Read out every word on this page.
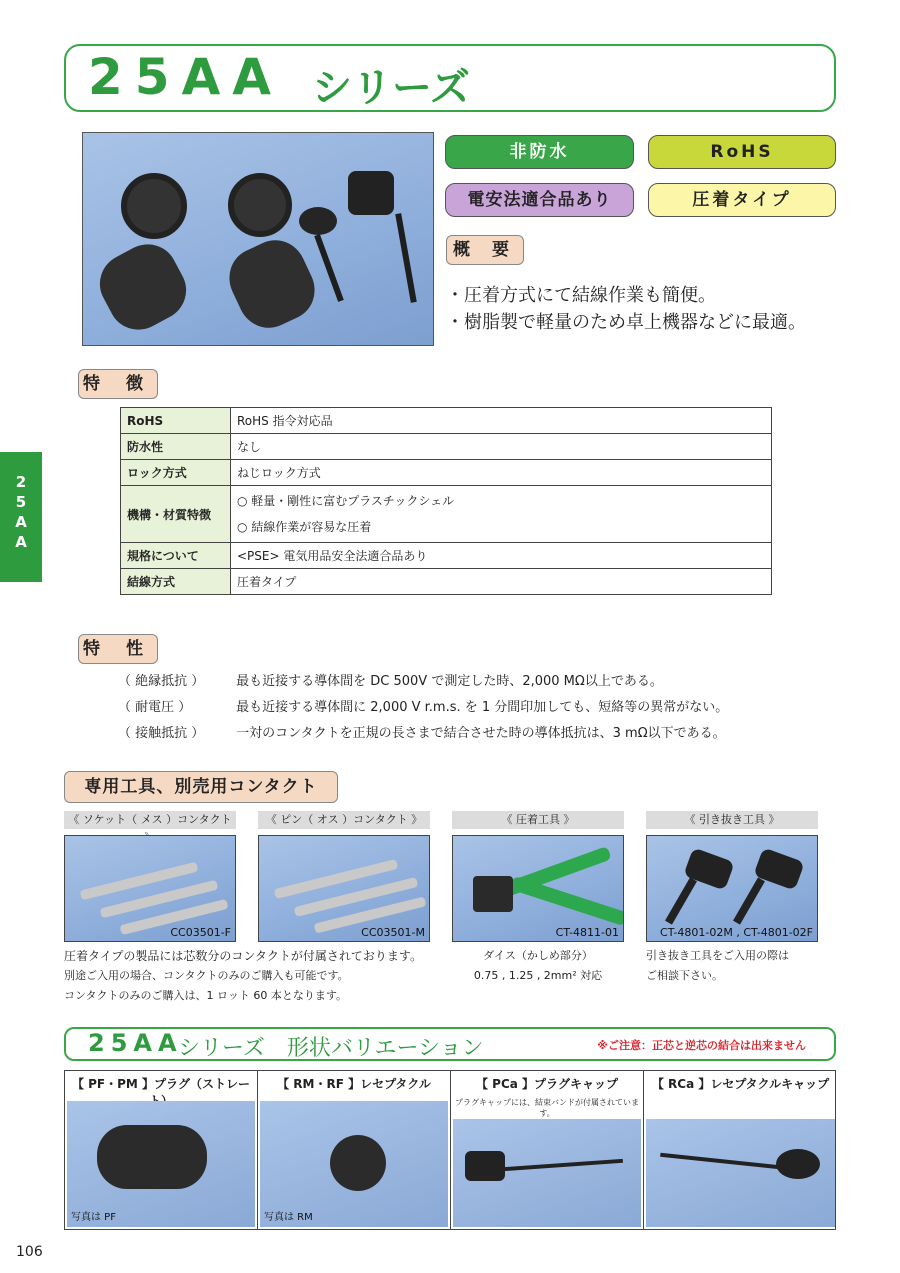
25AA シリーズ
非防水	RoHS
電安法適合品あり	圧着タイプ
概 要
・圧着方式にて結線作業も簡便。
・樹脂製で軽量のため卓上機器などに最適。
2
5
A
A
特 徴
RoHS	RoHS 指令対応品
防水性	なし
ロック方式	ねじロック方式
機構・材質特徴	○ 軽量・剛性に富むプラスチックシェル
○ 結線作業が容易な圧着

規格について	<PSE> 電気用品安全法適合品あり
結線方式	圧着タイプ
特 性
（ 絶縁抵抗 ） 最も近接する導体間を DC 500V で測定した時、2,000 MΩ以上である。
（ 耐電圧 ）	最も近接する導体間に 2,000 V r.m.s. を 1 分間印加しても、短絡等の異常がない。
（ 接触抵抗 ） 一対のコンタクトを正規の長さまで結合させた時の導体抵抗は、3 mΩ以下である。
専用工具、別売用コンタクト
《 ソケット（ メス ）コンタクト	《 ピン（ オス ）コンタクト 》	《 圧着工具 》	《 引き抜き工具 》
CC03501-F	CC03501-M	CT-4811-01	CT-4801-02M , CT-4801-02F
圧着タイプの製品には芯数分のコンタクトが付属されております。
別途ご入用の場合、コンタクトのみのご購入も可能です。
コンタクトのみのご購入は、1 ロット 60 本となります。
ダイス（かしめ部分）
0.75 , 1.25 , 2mm² 対応
引き抜き工具をご入用の際は
ご相談下さい。
25AA
シリーズ　形状バリエーション	※ご注意：正芯と逆芯の結合は出来ません
【 PF・PM 】プラグ（ストレー
写真は PF
【 RM・RF 】レセプタクル
写真は RM
【 PCa 】プラグキャップ
プラグキャップには、結束バンドが付属されています。
【 RCa 】レセプタクルキャップ
106
